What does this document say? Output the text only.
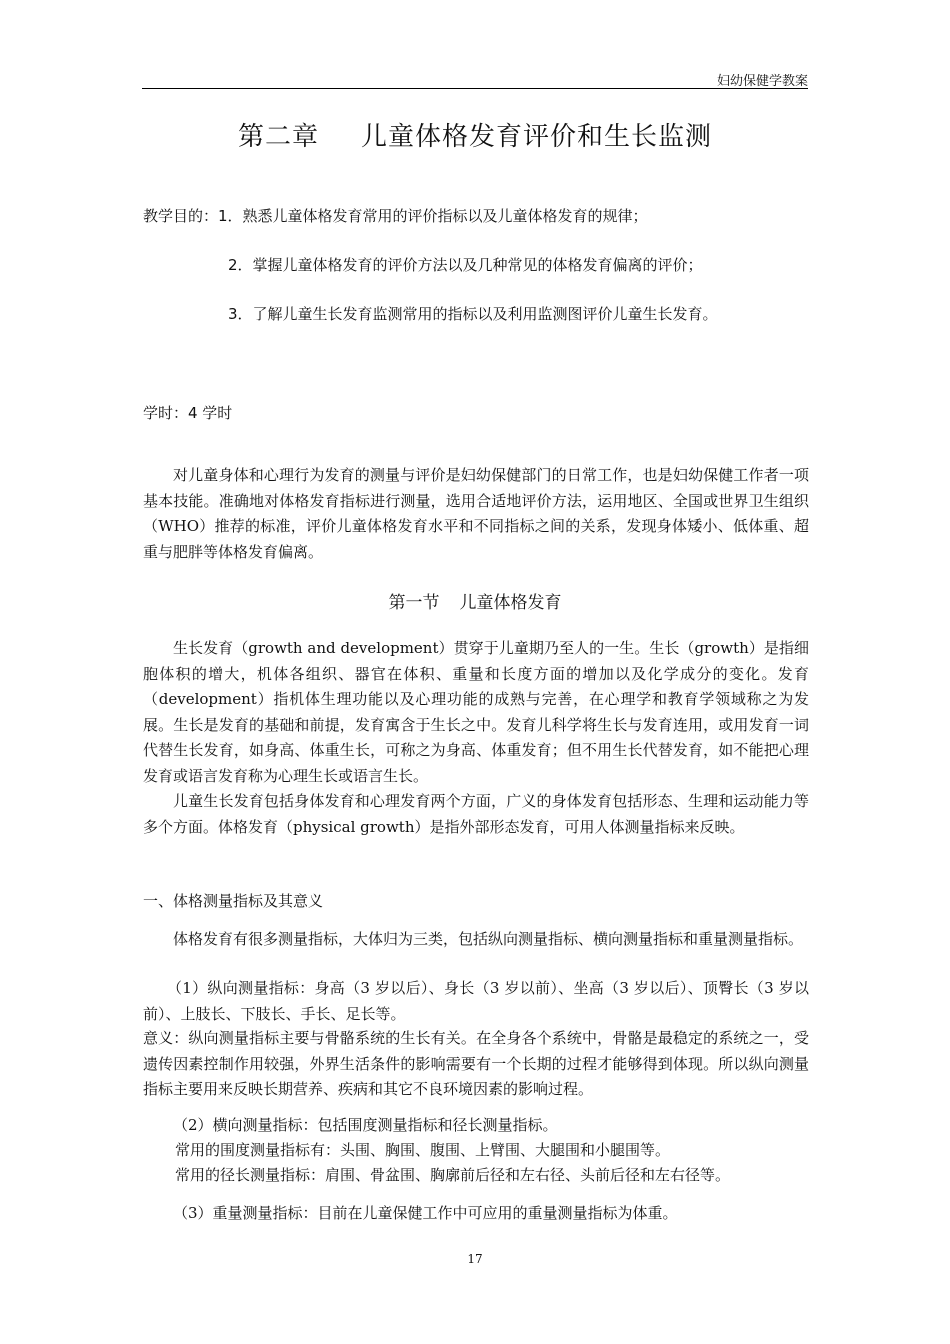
妇幼保健学教案
第二章 儿童体格发育评价和生长监测
教学目的：1．熟悉儿童体格发育常用的评价指标以及儿童体格发育的规律；
2．掌握儿童体格发育的评价方法以及几种常见的体格发育偏离的评价；
3．了解儿童生长发育监测常用的指标以及利用监测图评价儿童生长发育。
学时：4 学时

对儿童身体和心理行为发育的测量与评价是妇幼保健部门的日常工作，也是妇幼保健工作者一项基本技能。准确地对体格发育指标进行测量，选用合适地评价方法，运用地区、全国或世界卫生组织（WHO）推荐的标准，评价儿童体格发育水平和不同指标之间的关系，发现身体矮小、低体重、超重与肥胖等体格发育偏离。

第一节 儿童体格发育

生长发育（growth and development）贯穿于儿童期乃至人的一生。生长（growth）是指细胞体积的增大，机体各组织、器官在体积、重量和长度方面的增加以及化学成分的变化。发育（development）指机体生理功能以及心理功能的成熟与完善，在心理学和教育学领域称之为发展。生长是发育的基础和前提，发育寓含于生长之中。发育儿科学将生长与发育连用，或用发育一词代替生长发育，如身高、体重生长，可称之为身高、体重发育；但不用生长代替发育，如不能把心理发育或语言发育称为心理生长或语言生长。

儿童生长发育包括身体发育和心理发育两个方面，广义的身体发育包括形态、生理和运动能力等多个方面。体格发育（physical growth）是指外部形态发育，可用人体测量指标来反映。

一、体格测量指标及其意义

体格发育有很多测量指标，大体归为三类，包括纵向测量指标、横向测量指标和重量测量指标。

（1）纵向测量指标：身高（3 岁以后）、身长（3 岁以前）、坐高（3 岁以后）、顶臀长（3 岁以前）、上肢长、下肢长、手长、足长等。

意义：纵向测量指标主要与骨骼系统的生长有关。在全身各个系统中，骨骼是最稳定的系统之一，受遗传因素控制作用较强，外界生活条件的影响需要有一个长期的过程才能够得到体现。所以纵向测量指标主要用来反映长期营养、疾病和其它不良环境因素的影响过程。

（2）横向测量指标：包括围度测量指标和径长测量指标。
常用的围度测量指标有：头围、胸围、腹围、上臂围、大腿围和小腿围等。
常用的径长测量指标：肩围、骨盆围、胸廓前后径和左右径、头前后径和左右径等。
（3）重量测量指标：目前在儿童保健工作中可应用的重量测量指标为体重。
17
